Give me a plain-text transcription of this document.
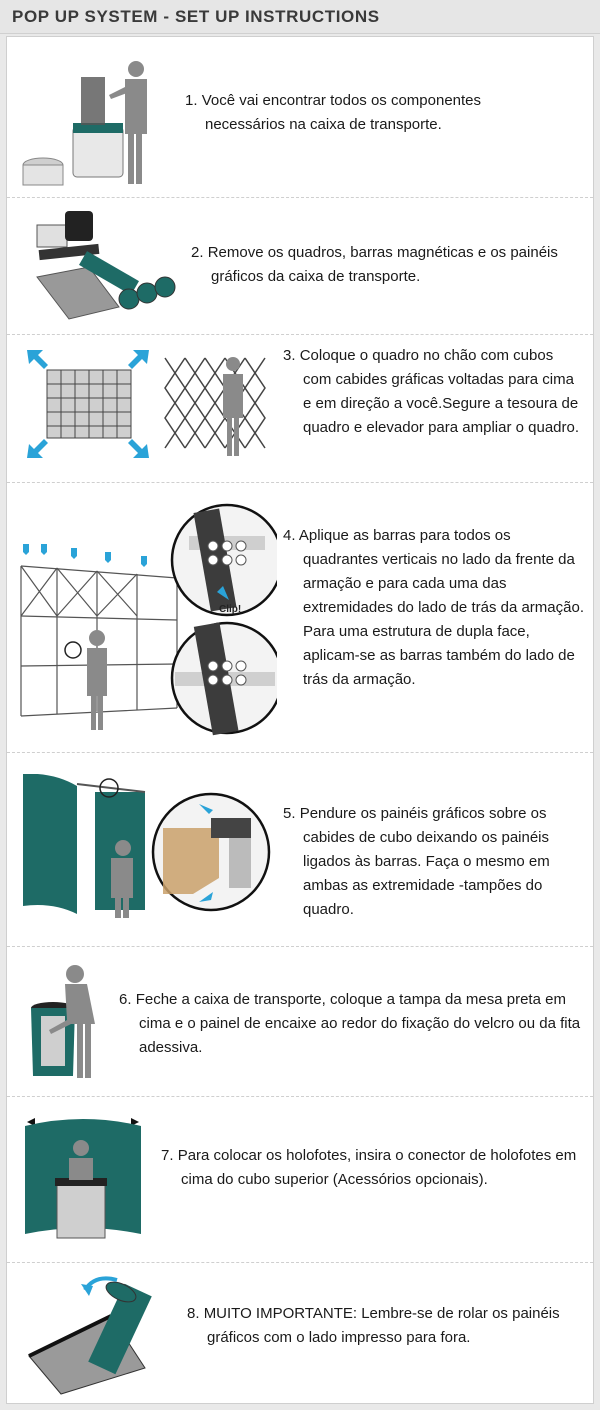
POP UP SYSTEM - SET UP INSTRUCTIONS

1. Você vai encontrar todos os componentes necessários na caixa de transporte.

2. Remove os quadros, barras magnéticas e os painéis gráficos da caixa de transporte.

3. Coloque o quadro no chão com cubos com cabides gráficas voltadas para cima e em direção a você.Segure a tesoura de quadro e elevador para ampliar o quadro.

Clip!

4. Aplique as barras para todos os quadrantes verticais no lado da frente da armação e para cada uma das extremidades do lado de trás da armação. Para uma estrutura de dupla face, aplicam-se as barras também do lado de trás da armação.

5. Pendure os painéis gráficos sobre os cabides de cubo deixando os painéis ligados às barras. Faça o mesmo em ambas as extremidade -tampões do quadro.

6. Feche a caixa de transporte, coloque a tampa da mesa preta em cima e o painel de encaixe ao redor do fixação do velcro ou da fita adessiva.

7. Para colocar os holofotes, insira o conector de holofotes em cima do cubo superior (Acessórios opcionais).

8. MUITO IMPORTANTE: Lembre-se de rolar os painéis gráficos com o lado impresso para fora.
